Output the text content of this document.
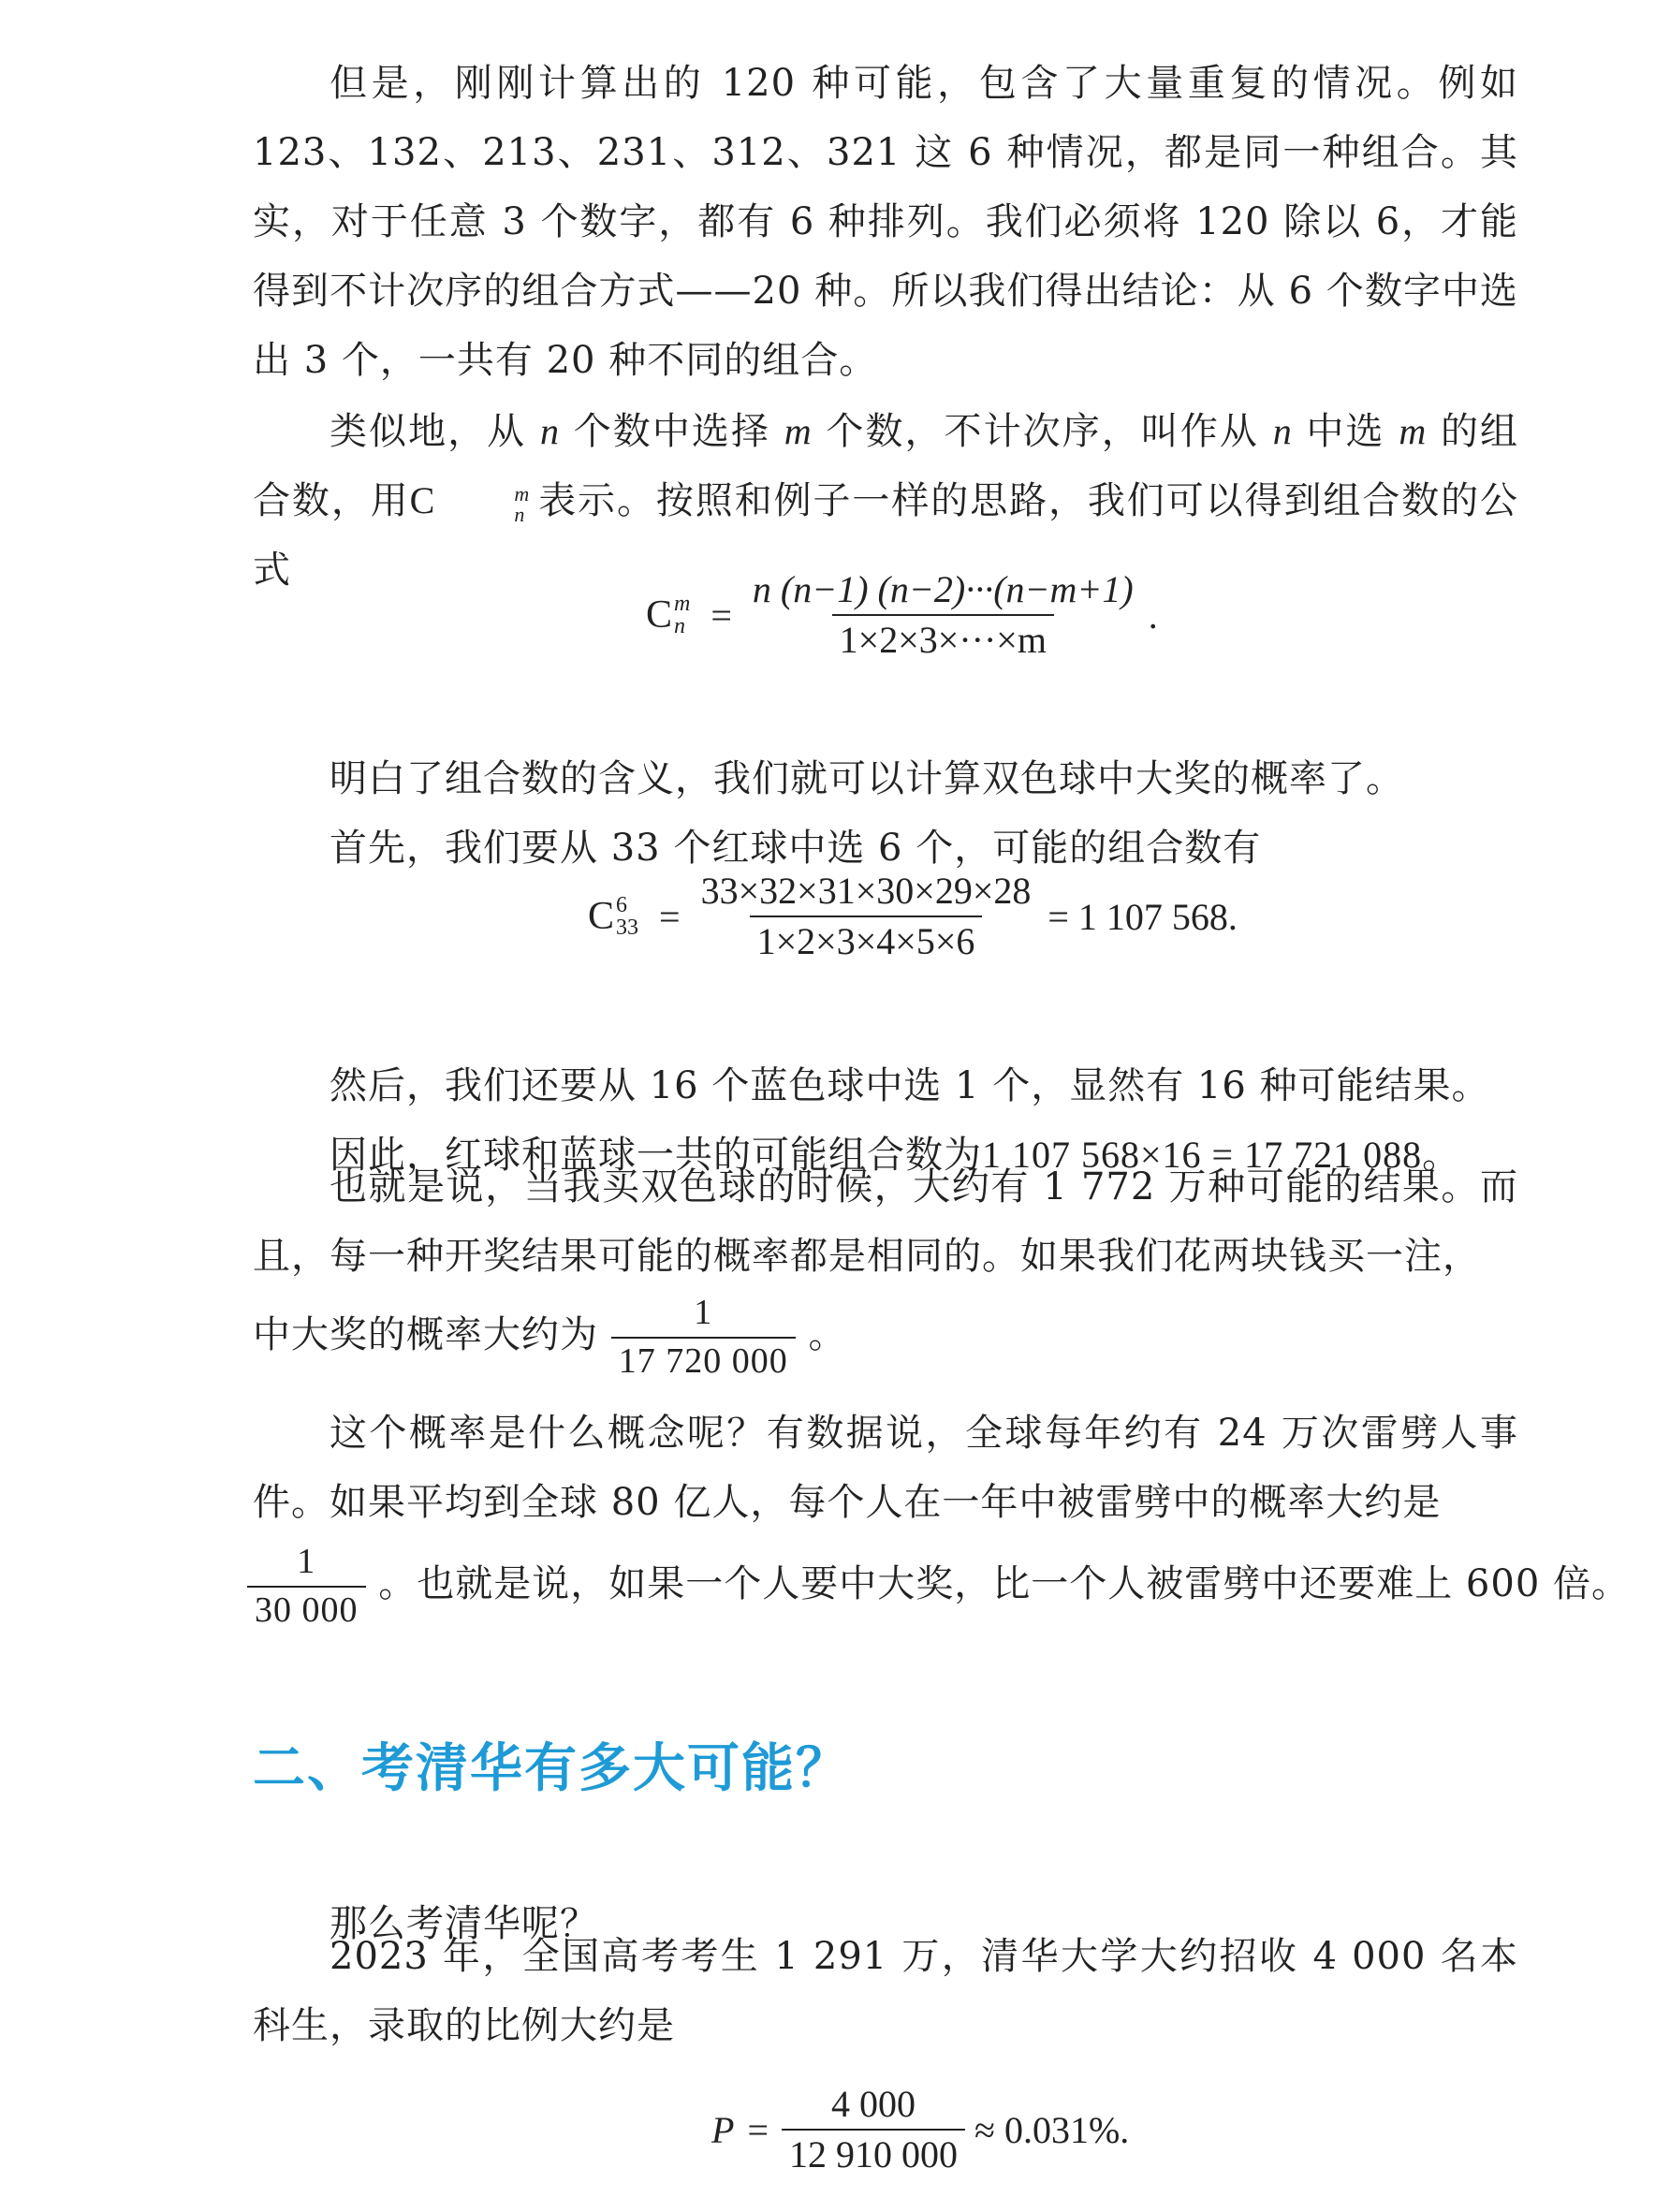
但是，刚刚计算出的 120 种可能，包含了大量重复的情况。例如 123、132、213、231、312、321 这 6 种情况，都是同一种组合。其实，对于任意 3 个数字，都有 6 种排列。我们必须将 120 除以 6，才能得到不计次序的组合方式——20 种。所以我们得出结论：从 6 个数字中选出 3 个，一共有 20 种不同的组合。

类似地，从 n 个数中选择 m 个数，不计次序，叫作从 n 中选 m 的组合数，用C	m
n 表示。按照和例子一样的思路，我们可以得到组合数的公式

C m
$n = \frac{n (n-1) (n-2)\cdot\cdot\cdot(n-m+1)}{1\times 2\times 3\times\cdot\cdot\cdot\times m}$ .

明白了组合数的含义，我们就可以计算双色球中大奖的概率了。

首先，我们要从 33 个红球中选 6 个，可能的组合数有

C 6
$33 = \frac{33\times 32\times 31\times 30\times 29\times 28}{1\times 2\times 3\times 4\times 5\times 6} = 1$ 107 568.

然后，我们还要从 16 个蓝色球中选 1 个，显然有 16 种可能结果。

因此，红球和蓝球一共的可能组合数为1 107 568×16 = 17 721 088。

也就是说，当我买双色球的时候，大约有 1 772 万种可能的结果。而且，每一种开奖结果可能的概率都是相同的。如果我们花两块钱买一注，

中大奖的概率大约为 $\frac{1}{17 720 000}$ 。

这个概率是什么概念呢？有数据说，全球每年约有 24 万次雷劈人事件。如果平均到全球 80 亿人，每个人在一年中被雷劈中的概率大约是

$\frac{1}{30 000}$ 。也就是说，如果一个人要中大奖，比一个人被雷劈中还要难上 600 倍。
二、考清华有多大可能？

那么考清华呢？

2023 年，全国高考考生 1 291 万，清华大学大约招收 4 000 名本科生，录取的比例大约是

$P = \frac{4 000}{12 910 000} \approx 0.031\%$.
